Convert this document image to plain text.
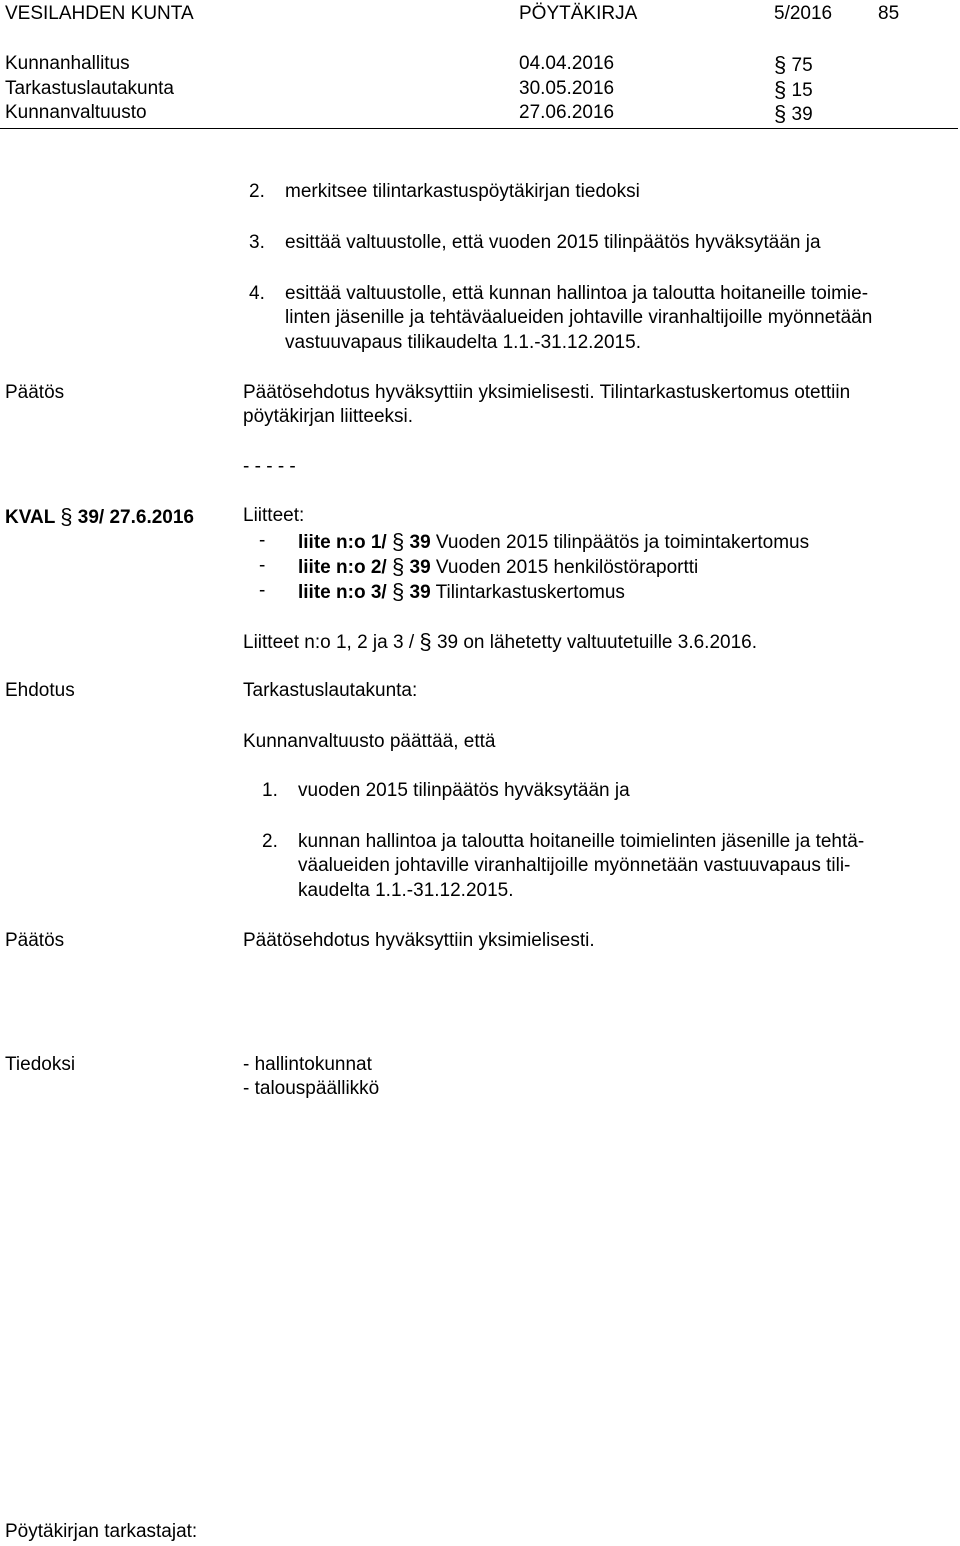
VESILAHDEN KUNTA	PÖYTÄKIRJA	5/2016 85
Kunnanhallitus	04.04.2016	§ 75
Tarkastuslautakunta	30.05.2016	§ 15
Kunnanvaltuusto	27.06.2016	§ 39
2. merkitsee tilintarkastuspöytäkirjan tiedoksi
3. esittää valtuustolle, että vuoden 2015 tilinpäätös hyväksytään ja
4. esittää valtuustolle, että kunnan hallintoa ja taloutta hoitaneille toimie-
linten jäsenille ja tehtäväalueiden johtaville viranhaltijoille myönnetään
vastuuvapaus tilikaudelta 1.1.-31.12.2015.
Päätös	Päätösehdotus hyväksyttiin yksimielisesti. Tilintarkastuskertomus otettiin
pöytäkirjan liitteeksi.
- - - - -
KVAL § 39/ 27.6.2016	Liitteet:
- liite n:o 1/ § 39 Vuoden 2015 tilinpäätös ja toimintakertomus
- liite n:o 2/ § 39 Vuoden 2015 henkilöstöraportti
- liite n:o 3/ § 39 Tilintarkastuskertomus
Liitteet n:o 1, 2 ja 3 / § 39 on lähetetty valtuutetuille 3.6.2016.
Ehdotus	Tarkastuslautakunta:
Kunnanvaltuusto päättää, että
1. vuoden 2015 tilinpäätös hyväksytään ja
2. kunnan hallintoa ja taloutta hoitaneille toimielinten jäsenille ja tehtä-
väalueiden johtaville viranhaltijoille myönnetään vastuuvapaus tili-
kaudelta 1.1.-31.12.2015.
Päätös	Päätösehdotus hyväksyttiin yksimielisesti.
Tiedoksi	- hallintokunnat
- talouspäällikkö
Pöytäkirjan tarkastajat:
